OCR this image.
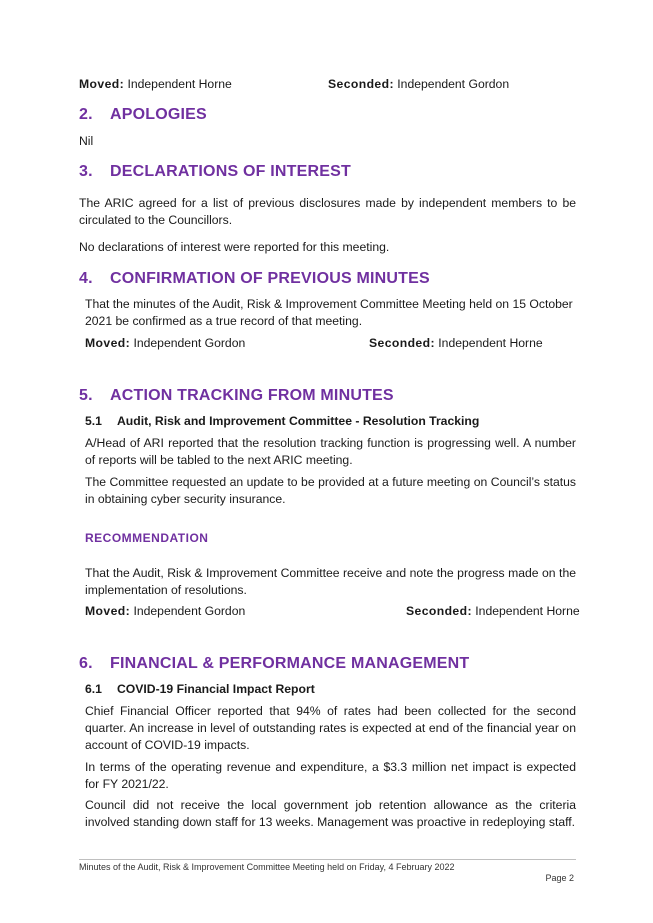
Moved: Independent Horne	Seconded: Independent Gordon
2. APOLOGIES
Nil
3. DECLARATIONS OF INTEREST
The ARIC agreed for a list of previous disclosures made by independent members to be circulated to the Councillors.
No declarations of interest were reported for this meeting.
4. CONFIRMATION OF PREVIOUS MINUTES
That the minutes of the Audit, Risk & Improvement Committee Meeting held on 15 October 2021 be confirmed as a true record of that meeting.
Moved: Independent Gordon	Seconded: Independent Horne
5. ACTION TRACKING FROM MINUTES
5.1 Audit, Risk and Improvement Committee - Resolution Tracking
A/Head of ARI reported that the resolution tracking function is progressing well. A number of reports will be tabled to the next ARIC meeting.
The Committee requested an update to be provided at a future meeting on Council’s status in obtaining cyber security insurance.
RECOMMENDATION
That the Audit, Risk & Improvement Committee receive and note the progress made on the implementation of resolutions.
Moved: Independent Gordon	Seconded: Independent Horne
6. FINANCIAL & PERFORMANCE MANAGEMENT
6.1 COVID-19 Financial Impact Report
Chief Financial Officer reported that 94% of rates had been collected for the second quarter. An increase in level of outstanding rates is expected at end of the financial year on account of COVID-19 impacts.
In terms of the operating revenue and expenditure, a $3.3 million net impact is expected for FY 2021/22.
Council did not receive the local government job retention allowance as the criteria involved standing down staff for 13 weeks. Management was proactive in redeploying staff.
Minutes of the Audit, Risk & Improvement Committee Meeting held on Friday, 4 February 2022
Page 2
